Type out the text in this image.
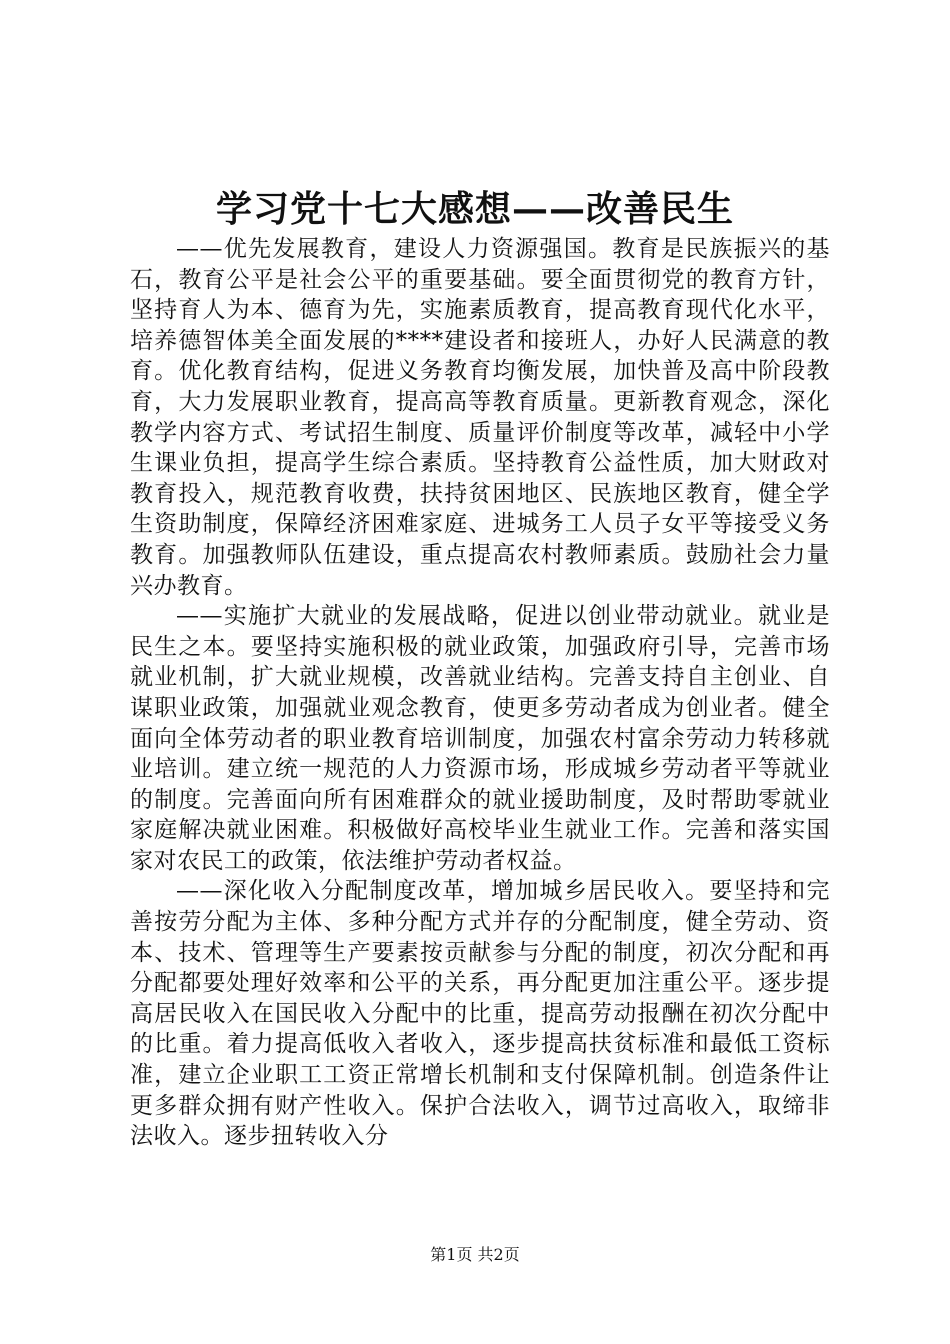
学习党十七大感想——改善民生

——优先发展教育，建设人力资源强国。教育是民族振兴的基石，教育公平是社会公平的重要基础。要全面贯彻党的教育方针，坚持育人为本、德育为先，实施素质教育，提高教育现代化水平，培养德智体美全面发展的****建设者和接班人，办好人民满意的教育。优化教育结构，促进义务教育均衡发展，加快普及高中阶段教育，大力发展职业教育，提高高等教育质量。更新教育观念，深化教学内容方式、考试招生制度、质量评价制度等改革，减轻中小学生课业负担，提高学生综合素质。坚持教育公益性质，加大财政对教育投入，规范教育收费，扶持贫困地区、民族地区教育，健全学生资助制度，保障经济困难家庭、进城务工人员子女平等接受义务教育。加强教师队伍建设，重点提高农村教师素质。鼓励社会力量兴办教育。

——实施扩大就业的发展战略，促进以创业带动就业。就业是民生之本。要坚持实施积极的就业政策，加强政府引导，完善市场就业机制，扩大就业规模，改善就业结构。完善支持自主创业、自谋职业政策，加强就业观念教育，使更多劳动者成为创业者。健全面向全体劳动者的职业教育培训制度，加强农村富余劳动力转移就业培训。建立统一规范的人力资源市场，形成城乡劳动者平等就业的制度。完善面向所有困难群众的就业援助制度，及时帮助零就业家庭解决就业困难。积极做好高校毕业生就业工作。完善和落实国家对农民工的政策，依法维护劳动者权益。

——深化收入分配制度改革，增加城乡居民收入。要坚持和完善按劳分配为主体、多种分配方式并存的分配制度，健全劳动、资本、技术、管理等生产要素按贡献参与分配的制度，初次分配和再分配都要处理好效率和公平的关系，再分配更加注重公平。逐步提高居民收入在国民收入分配中的比重，提高劳动报酬在初次分配中的比重。着力提高低收入者收入，逐步提高扶贫标准和最低工资标准，建立企业职工工资正常增长机制和支付保障机制。创造条件让更多群众拥有财产性收入。保护合法收入，调节过高收入，取缔非法收入。逐步扭转收入分

第1页 共2页
